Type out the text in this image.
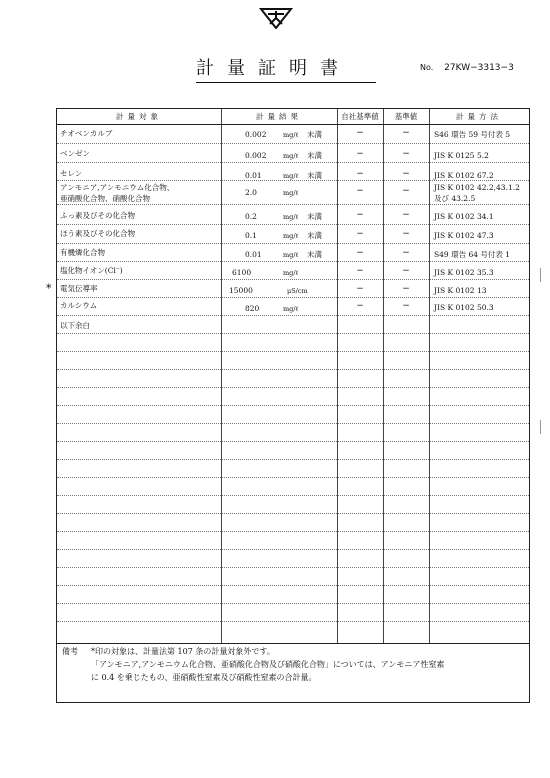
計量証明書	No. 27KW−3313−3
計量対象	計量結果	自社基準値	基準値	計量方法
チオベンカルブ	0.002	mg/ℓ 未満	−	−	S46 環告 59 号付表 5
ベンゼン	0.002	mg/ℓ 未満	−	−	JIS K 0125 5.2
セレン	0.01	mg/ℓ 未満	−	−	JIS K 0102 67.2
アンモニア,アンモニウム化合物、
亜硝酸化合物、硝酸化合物
2.0	mg/ℓ	−	−	JIS K 0102 42.2,43.1.2
及び 43.2.5
ふっ素及びその化合物	0.2	mg/ℓ 未満	−	−	JIS K 0102 34.1
ほう素及びその化合物	0.1	mg/ℓ 未満	−	−	JIS K 0102 47.3
有機燐化合物	0.01	mg/ℓ 未満	−	−	S49 環告 64 号付表 1
塩化物イオン(Cl⁻)	6100	mg/ℓ	−	−	JIS K 0102 35.3
電気伝導率	15000	μS/cm	−	−	JIS K 0102 13
カルシウム	820	mg/ℓ	−	−	JIS K 0102 50.3
以下余白
*
備考 *印の対象は、計量法第 107 条の計量対象外です。
「アンモニア,アンモニウム化合物、亜硝酸化合物及び硝酸化合物」については、アンモニア性窒素
に 0.4 を乗じたもの、亜硝酸性窒素及び硝酸性窒素の合計量。
